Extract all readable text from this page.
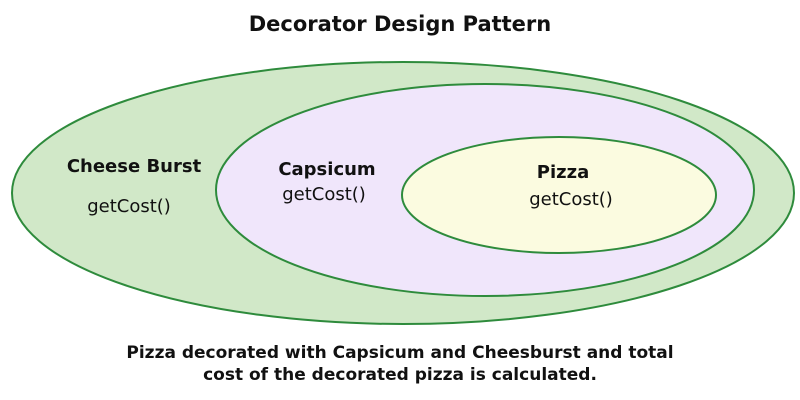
Decorator Design Pattern
Cheese Burst
getCost()
Capsicum
getCost()
Pizza
getCost()
Pizza decorated with Capsicum and Cheesburst and total
cost of the decorated pizza is calculated.
